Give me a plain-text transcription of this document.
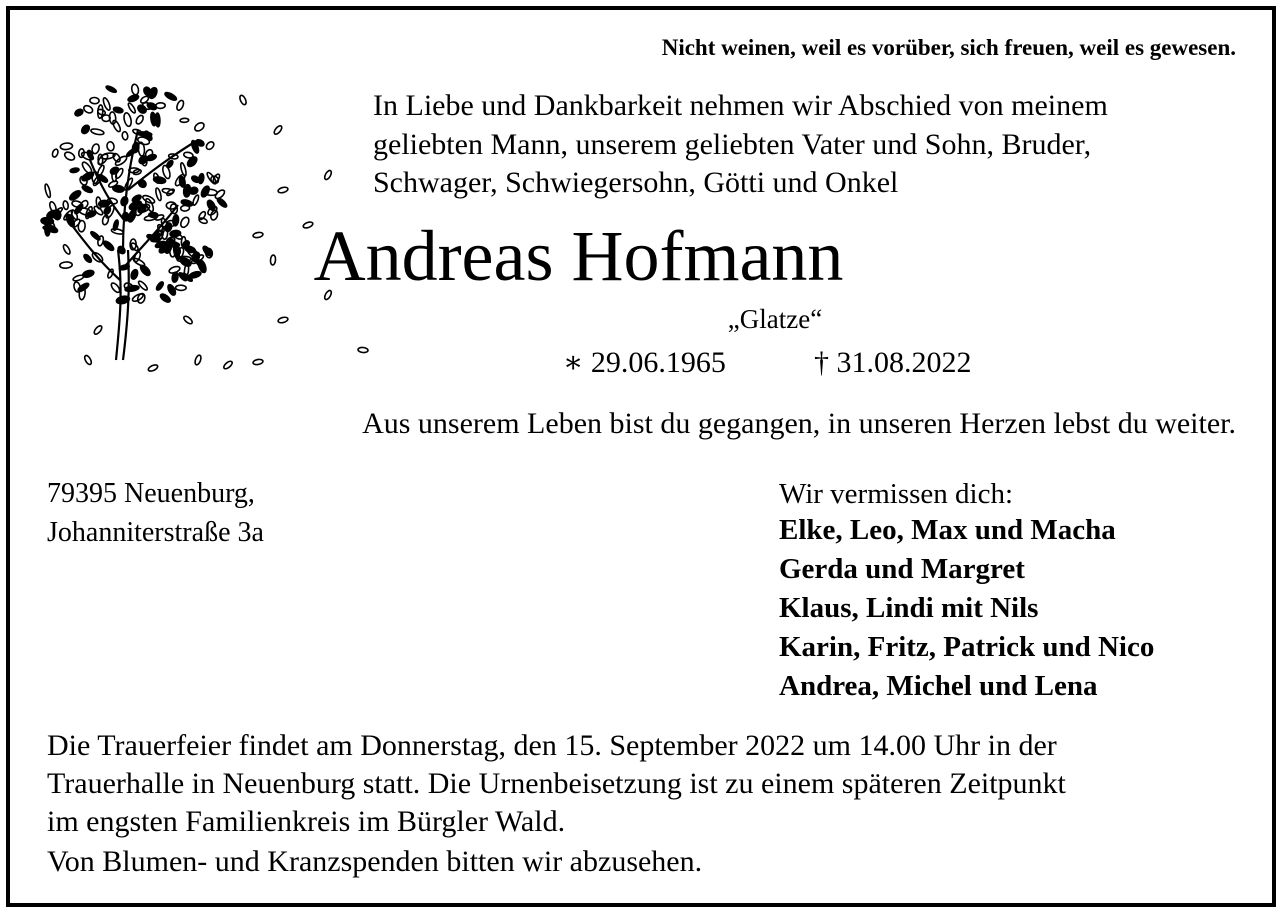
Nicht weinen, weil es vorüber, sich freuen, weil es gewesen.
In Liebe und Dankbarkeit nehmen wir Abschied von meinem
geliebten Mann, unserem geliebten Vater und Sohn, Bruder,
Schwager, Schwiegersohn, Götti und Onkel
Andreas Hofmann
„Glatze“
∗ 29.06.1965	† 31.08.2022
Aus unserem Leben bist du gegangen, in unseren Herzen lebst du weiter.
79395 Neuenburg,
Johanniterstraße 3a
Wir vermissen dich:
Elke, Leo, Max und Macha
Gerda und Margret
Klaus, Lindi mit Nils
Karin, Fritz, Patrick und Nico
Andrea, Michel und Lena
Die Trauerfeier findet am Donnerstag, den 15. September 2022 um 14.00 Uhr in der
Trauerhalle in Neuenburg statt. Die Urnenbeisetzung ist zu einem späteren Zeitpunkt
im engsten Familienkreis im Bürgler Wald.
Von Blumen- und Kranzspenden bitten wir abzusehen.
